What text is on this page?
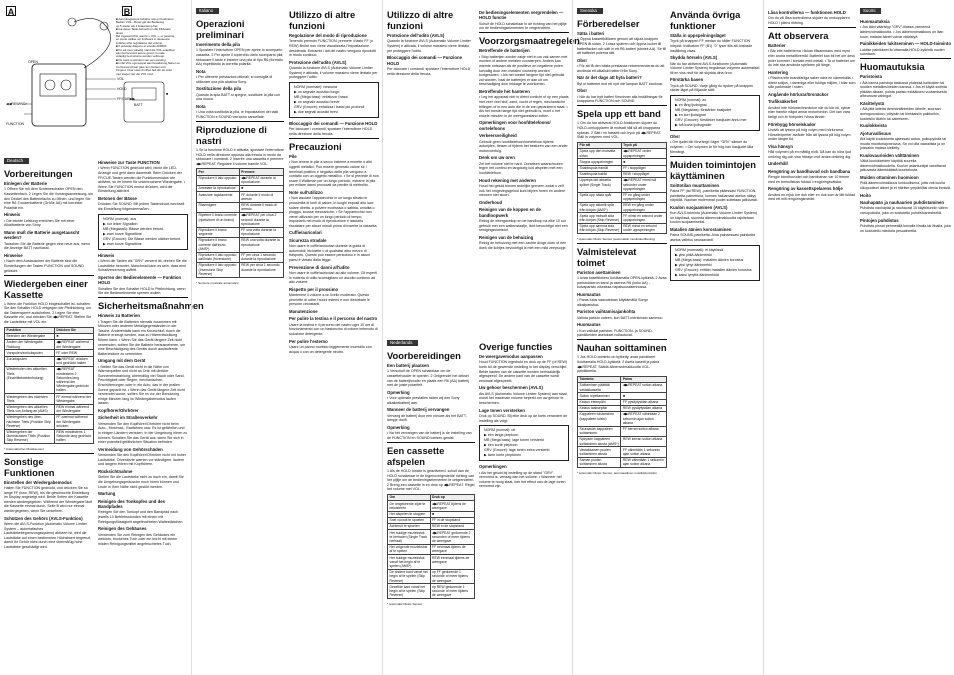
A
OPEN
VOL
HOLD
◀◀REWIND/
FF/CUE▶▶
FUNCTION
BATT
■
B
■ Aan Hoogtepunt behalve ook en Koldvareo
Bedien VOL-. Bouw gat die Bedieung
op 5 weder als 1 liniaal knop bet.
■ Ga deuer Taste behoolt om die Kildvaaro
laseu.
Bel Ingewerschis, aanrte o VOL +, er pesente
en punte ioldlse onl Indhuara in deuauune
indleive ethe regulatiose del volume.
■ Il pulsante diagono el sinedis AVRMS
■ Fe sik men volledig mard die VOL enkebbar
aan bet bevoord aan te geven in oude
volledig hed volume worden veKnepp.
■ De toets a stondom van een werding.
■ Innlê VOL ogs koppel aan bevalloning,Naner oe
ins bevoond haar gare tum Noteer und
Fingeut. Over uiset di vilhet hell din de mlist
met stegen der die VOL mod.
Deutsch
Vorbereitungen
Einlegen der Batterie

1 Öffnen Sie mit dem Schiebeschalter OPEN den Kassettenfach. 2 Legen Sie die Vorrangsanweisung, um den Deckel des Batteriefachs zu öffnen, und legen Sie eine R6-Trockenbatterie (Größe AA) mit korrekter Polarität ein.

Hinweis

• Die leichte Leistung erreichen Sie mit einer Alkalibatterie von Sony.

Wann muß die Batterie ausgetauscht werden?

Tauschen Sie die Batterie gegen eine neue aus, wenn die Anzeige BATT nachlasst.

Hinweise

• Nach dem Austauschen der Batterie sind die Einstellungen der Tasten FUNCTION und SOUND gelöscht.

Wiedergeben einer Kassette

1 Wenn die Funktion HOLD eingeschaltet ist, schalten Sie den Schalter HOLD entgegen der Pfeilrichtung, um die Tastensperre aufzuheben. 2 Legen Sie eine Kassette ein, und drücken Sie ◀▶REPEAT. Stellen Sie die Lautstärke mit VOL ein.

Funktion	Drücken Sie
Beenden der Wiedergabe	■
Ändern der Wiedergabe-Richtung	◀▶REPEAT während der Wiedergabe
Vorspulen/zurückspulen	FF oder REW
Zurückspulen	◀▶REPEAT drücken und gedrückt halten
Wiederholen des aktuellen Titels (Einzeltitelwiederholung)	◀▶REPEAT mindestens 2 Sekunden lang während der Wiedergabe gedrückt halten
Wiedergeben des nächsten Titels	FF einmal während der Wiedergabe
Wiedergeben des aktuellen Titels von Anfang an (AMS)	REW einmal während der Wiedergabe
Wiedergeben des über-nächsten Titels (Position Skip Reverse)	FF zweimal während der Wiedergabe drücken
Wiedergeben der übernächsten Titels (Position Skip Reverse)	REW mindestens 1 Sekunde lang gedrückt halten

* Automatischer Musiksensor

Sonstige Funktionen
Einstellen der Wiedergabemodus

Halten Sie FUNCTION gedrückt, und drücken Sie so lange FF (bzw. REW), bis die gewünschte Einstellung im Display angezeigt wird. Beide Seiten der Kassette werden wiedergegeben. Während der Wiedergabe läuft die Kassette einmal durch. Seite B wird nur einmal wiedergegeben, wenn Sie umkehren.

Schützen des Gehörs (AVLS-Funktion)

Wenn die AVLS-Funktion (Automatic Volume Limiter System – automatisches Lautstärkebegrenzungssystem) aktiviert ist, wird die Lautstärke auf einen bestimmten Höchstwert begrenzt, damit Ihr Gehör nicht durch eine übermäßig hohe Lautstärke geschädigt wird.

Hinweise zur Taste FUNCTION

• Wenn FUNCTION gedrückt wird, blinkt die LED-Anzeige und geht dann dauerhaft. Beim Drücken der FF/CUE-Tasten werden die Funktionsmodus wie aktiviert, so im Innern für unterbrochene Wiedergabe. • Wenn Sie FUNCTION erneut drücken, wird die Einstellung aktiviert.

Betonen der Bässe

Drücken Sie SOUND. Mit jedem Tastendruck wechselt die Einstellung folgendermaßen:

NORM (normal): aus
▶ nur leiser Signalton
MB (Megabaß): Bässe werden betont.
▶ zwei kurze Signaltöne
GRV (Groove): Die Bässe werden stärker betont.
▶ zwei kurze Signaltöne
Hinweis

• Wenn die Tasten als "GRV" verzerrt ist, drehen Sie die Lautstärke herunter. Manchmal kann es sein, dass eine Schallverzerrung auftritt.

Sperren der Bedienelemente — Funktion HOLD

Schalten Sie den Schalter HOLD in Pfeilrichtung, wenn Sie die Bedienelemente sperren wollen.

Sicherheitsmaßnahmen
Hinweis zu Batterien

• Tragen Sie die Batterien niemals zusammen mit Münzen oder anderen Metallgegenständen in der Tasche. Anderenfalls kann ein Kurzschluß durch die Batterie erzeugt werden, was zu Hitzeentwicklung führen kann. • Wenn Sie das Gerät längere Zeit nicht verwenden, sollten Sie die Batterie herausnehmen, um eine Beschädigung des Geräts durch auslaufende Batteriesäure zu vermeiden.

Umgang mit dem Gerät

• Stellen Sie das Gerät nicht in die Nähe von Wärmequellen und nicht an Orte mit direkter Sonneneinstrahlung, übermäßig viel Staub oder Sand, Feuchtigkeit oder Regen, mechanischen Erschütterungen oder in ein Auto, das in der prallen Sonne geparkt ist. • Wenn das Gerät längere Zeit nicht verwendet wurde, sollten Sie es vor der Benutzung einige Minuten lang im Wiedergabemodus laufen lassen.

Kopfhörer/Ohrhörer
Sicherheit im Straßenverkehr

Verwenden Sie den Kopfhörer/Ohrhörer nicht beim Auto-, Motorrad-, Radfahren usw. Es ist gefährlich und in einigen Ländern verboten, in der Umgebung hören zu können. Schalten Sie das Gerät aus, wenn Sie sich in einer potentiell gefährlichen Situation befinden.

Vermeidung von Gehörschäden

Verwenden Sie den Kopfhörer/Ohrhörer nicht mit hoher Lautstärke. Ohrenärzte warnen vor ständigem, lautem und langem Hören mit Kopfhörern.

Rücksichtnahme

Stellen Sie die Lautstärke nicht zu hoch ein, damit Sie die Umgebungsgeräusche noch hören können und Leute in Ihrer Nähe nicht gestört werden.

Wartung
Reinigen des Tonkopfes und des Bandpfades

Reinigen Sie den Tonkopf und den Bandpfad nach jeweils 10 Betriebsstunden mit einem mit Reinigungsflüssigkeit angefeuchteten Wattestäbchen.

Reinigen des Gehäuses

Verwenden Sie zum Reinigen des Gehäuses ein weiches, trockenes Tuch oder ein leicht mit einem milden Reinigungsmittel angefeuchtetes Tuch.

Italiano
Operazioni preliminari
Inserimento della pila

1 Spostare l'interruttore OPEN per aprire lo scomparto cassetta. 2 Per aprire il coperchio dello scomparto pila, sbloccare il tasto e inserire una pila di tipo R6 (formato AA) rispettando la corretta polarità.

Nota

• Per ottenere prestazioni ottimali, si consiglia di utilizzare una pila alcalina Sony.

Sostituzione della pila

Quando la spia BATT si spegne, sostituire la pila con una nuova.

Nota

• Una volta sostituita la pila, le impostazioni dei tasti FUNCTION e SOUND verranno cancellate.

Riproduzione di nastri

1 Se la funzione HOLD è attivata, spostare l'interruttore HOLD nella direzione opposta alla freccia in modo da sbloccare i comandi. 2 Inserire una cassetta e premere ◀▶REPEAT. Regolare il volume tramite VOL.

Per	Premere
Riprodurre il lato opposto	◀▶REPEAT durante la riproduzione
Arrestare la riproduzione	■
Avanzare rapidamente	FF durante il modo di arresto
Riavvolgere	REW durante il modo di arresto
Ripetere il brano corrente (ripetizione di un brano)	◀▶REPEAT per circa 2 secondi durante la riproduzione
Riprodurre il brano seguente	FF una volta durante la riproduzione
Riprodurre il brano corrente dall'inizio (AMS*)	REW una volta durante la riproduzione
Riprodurre il lato opposto dall'inizio (Inversione)	FF per circa 1 secondo durante la riproduzione
Riprodurre il lato opposto (Inversione Skip Reverse)	REW per circa 1 secondo durante la riproduzione

* Sensore musicale automatico

Utilizzo di altre funzioni
Regolazione del modo di riproduzione

Tenendo premuto FUNCTION, premere il tasto FF (o REW) finché non viene visualizzata l'impostazione desiderata. Entrambi i lati del nastro vengono riprodotti in modo continuo.

Protezione dell'udito (AVLS)

Quando la funzione AVLS (Automatic Volume Limiter System) è attivata, il volume massimo viene limitato per proteggere l'udito.

NORM (normale): nessuna
▶ un segnale acustico lungo
MB (Mega bass): enfatizza i bassi
▶ un segnale acustico breve
GRV (Groove): enfatizza i bassi più profondi
▶ due segnali acustici brevi
Bloccaggio dei comandi — Funzione HOLD

Per bloccare i comandi, spostare l'interruttore HOLD nella direzione della freccia.

Precauzioni
Pile

• Non tenere le pile a secco insieme a monete o altri oggetti metallici. Può essere generato calore se i terminali positivo e negativo della pila vengono a contatto con un oggetto metallico. • Se si prevede di non usare il Walkman per un lungo periodo, estrarre la pila per evitare danni provocati da perdite di elettrolito.

Note sull'utilizzo

• Non lasciare l'apparecchio in un luogo situato in prossimità di fonti di calore, in luoghi esposti alla luce solare diretta, a polvere eccessiva o sabbia, umidità o pioggia, scosse meccaniche. • Se l'apparecchio non viene utilizzato per un lungo periodo di tempo, impostarlo nel modo di riproduzione e lasciarlo riscaldare per alcuni minuti prima di inserire la cassetta.

Cuffie/auricolari
Sicurezza stradale

Non usare le cuffie/auricolari durante la guida di automobili, biciclette o di qualsiasi altro mezzo di trasporto. Questo può essere pericoloso e in alcuni paesi è vietato dalla legge.

Prevenzione di danni all'udito

Non usare le cuffie/auricolari ad alto volume. Gli esperti in materia di udito sconsigliano un ascolto continuo ad alto volume.

Rispetto per il prossimo

Mantenere il volume a un livello moderato. Questo permette di udire i suoni esterni e non disturbare le persone circostanti.

Manutenzione
Per pulire la testina e il percorso del nastro

Usare la testina e il percorso del nastro ogni 10 ore di funzionamento con un bastoncino di cotone imbevuto di soluzione detergente.

Per pulire l'esterno

Usare un panno morbido leggermente inumidito con acqua o con un detergente neutro.

Nederlands
Voorbereidingen
Een batterij plaatsen

1 Verschuif de OPEN schakelaar om de cassettehouder te openen. 2 Ontgrendel het deksel van de batterijhouder en plaats een R6 (AA) batterij met de juiste polariteit.

Opmerking

• Voor optimale prestaties raden wij een Sony alkalinebatterij aan.

Wanneer de batterij vervangen

Vervang de batterij door een nieuwe als het BATT-lampje dooft.

Opmerking

• Na het vervangen van de batterij is de instelling van de FUNCTION en SOUND toetsen gewist.

Een cassette afspelen

1 Als de HOLD functie is geactiveerd, schuif dan de HOLD schakelaar in de tegenovergestelde richting van het pijltje om de bedieningselementen te ontgrendelen. 2 Breng een cassette in en druk op ◀▶REPEAT. Regel het volume met VOL.

Om	Druk op
De omgekeerde zijde te beluisteren	◀▶REPEAT tijdens de weergave
Het afspelen te stoppen	■
Snel vooruit te spoelen	FF in de stopstand
Achteruit te spoelen	REW in de stopstand
Het huidige muziekstuk te herhalen (Single Track herhaal)	◀▶REPEAT gedurende 2 seconden of meer tijdens de weergave
Het volgende muziekstuk af te spelen	FF eenmaal tijdens de weergave
Het huidige muziekstuk vanaf het begin af te spelen (AMS*)	REW eenmaal tijdens de weergave
De andere kant vanaf het begin af te spelen (Skip Reverse)	op FF gedurende 1 seconde of meer tijdens de weergave
Dezelfde kant vanaf het begin af te spelen (Skip Reverse)	op REW gedurende 1 seconde of meer tijdens de weergave

* Automatic Music Sensor

Overige functies
De weergavemodus aanpassen

Houd FUNCTION ingedrukt en druk op de FF (of REW) toets tot de gewenste instelling in het display verschijnt. Beide kanten van de cassette worden herhaaldelijk afgespeeld. De andere kant van de cassette wordt eenmaal afgespeeld.

Uw gehoor beschermen (AVLS)

Als AVLS (Automatic Volume Limiter System) aan staat, wordt het maximale volume beperkt om uw gehoor te beschermen.

Lage tonen versterken

Druk op SOUND. Bij elke druk op de toets verandert de instelling als volgt:

NORM (normal): uit
▶ één lange pieptoon
MB (Mega bass): lage tonen versterkt
▶ één korte pieptoon
GRV (Groove): lage tonen extra versterkt
▶ twee korte pieptonen
Opmerkingen

• Als het geluid bij instelling op de stand "GRV" vervormd is, verlaag dan het volume. • Wanneer het volume te hoog staat, kan het effect van de lage tonen vervormd zijn.

De bedieningselementen vergrendelen — HOLD functie

Schuif de HOLD schakelaar in de richting van het pijltje om de bedieningselementen te vergrendelen.

Voorzorgsmaatregelen
Betreffende de batterijen

• Stop batterijen zonder zakje niet in uw zak samen met munten of andere metalen voorwerpen. Anders kan warmte ontstaan als de positieve en negatieve polen toevallig door een metalen voorwerp worden kortgesloten. • Als het toestel langere tijd niet gebruikt zal worden, haal de batterijen er dan uit om beschadiging door lekkage te voorkomen.

Betreffende het hanteren

• Leg het apparaat niet in direct zonlicht of op een plaats met zeer veel stof, zand, vocht of regen, mechanische trillingen of in een auto die in de zon geparkeerd staat. • Als het toestel lange tijd niet gebruikt is, moet u het enkele minuten in de weergavestand zetten.

Opmerkingen voor hoofdtelefoons/ oortelefoons
Verkeersveiligheid

Gebruik geen hoofdtelefoon/oortelefoon tijdens autorijden, fietsen of tijdens het besturen van een ander motorvoertuig.

Denk om uw oren

Zet het volume niet te hard. Oorartsen waarschuwen tegen het continu en langdurig luid afspelen met een hoofdtelefoon.

Houd rekening met anderen

Houd het geluid binnen redelijke grenzen zodat u zelf ook het omgevingsgeluid kunt blijven horen en andere mensen niet stoort.

Onderhoud
Reinigen van de koppen en de bandloopwerk

Reinig de weergavekop en de bandloop na elke 10 uur gebruik met een wattenstaafje, licht bevochtigd met een reinigingsvloeistof.

Reinigen van de behuizing

Reinig de behuizing met een zachte droge doek of een doek die lichtjes bevochtigd is met een mild zeepsopje.

Utilizzo di altre funzioni
Protezione dell'udito (AVLS)

Quando la funzione AVLS (Automatic Volume Limiter System) è attivata, il volume massimo viene limitato per proteggere l'udito.

Bloccaggio dei comandi — Funzione HOLD

Per bloccare i comandi, spostare l'interruttore HOLD nella direzione della freccia.

Svenska
Förberedelser
Sätta i batteri

1 Öppna kassetthållaren genom att skjuta knappen OPEN åt sidan. 2 Lossa spärren och öppna locket till batterifacket och sätt in ett R6-batteri (storlek AA). Se till att batteriet polerna rätt.

Obs!

• För att få den bästa prestanda rekommenderas du att använda ett alkaliskt batteri från Sony.

När är det dags att byta batteri?

Byt ut batteriet mot ett nytt när lampan BATT slocknar.

Obs!

• När du har bytt batteri försvinner alla inställningar för knapparna FUNCTION och SOUND.

Spela upp ett band

1 Om du har aktiverat HOLD-funktionen skjuter du HOLD-omkopplaren åt motsatt håll så att knapparna spärras. 2 Sätt i en kassett och tryck på ◀▶REPEAT. Ställ in volymen med VOL.

För att	Tryck på
Spela upp den motsatta sidan	◀▶REPEAT under uppspelningen
Stoppa uppspelningen	■
Snabbspola framåt	FF i stoppläget
Snabbspola bakåt	REW i stoppläget
Upprepa det aktuella spåret (Single Track)	◀▶REPEAT minst två sekunder under uppspelningen
Spela upp nästa spår	FF en gång under uppspelningen
Spela upp aktuellt spår från början (AMS*)	REW en gång under uppspelningen
Spela upp motsatt sida från början (Skip Reverse)	FF minst en sekund under uppspelningen
Spela upp samma sida från början (Skip Reverse)	REW minst en sekund under uppspelningen

* Automatic Music Sensor (automatisk musikidentifiering)

Valmistelevat toimet
Pariston asettaminen

1 Avaa kasettilokero liu'uttamalla OPEN-kytkintä. 2 Avaa paristolokeron kansi ja asenna R6 (koko AA) -kuivaparisto oikeassa napaisuusasennossa.

Huomautus

• Paras tulos saavutetaan käyttämällä Sonyn alkaliparistoa.

Pariston vaihtamisajankohta

Vaihda paristo uuteen, kun BATT-merkkivalo sammuu.

Huomautus

• Kun vaihdat pariston, FUNCTION- ja SOUND-painikkeiden asetukset nollautuvat.

Nauhan soittaminen

1 Jos HOLD-toiminto on kytketty, avaa painikkeet liu'uttamalla HOLD-kytkintä. 2 Aseta kasetti ja paina ◀▶REPEAT. Säädä äänenvoimakkuutta VOL-painikkeella.

Toiminto	Paina
Soittaminen päättää vastakkaiselta	◀▶REPEAT soiton aikana
Soiton lopettaminen	■
Kelaus eteenpäin	FF pysäytystilan aikana
Kelaus taaksepäin	REW pysäytystilan aikana
Kappaleen toistaminen (kappaleen toisto)	◀▶REPEAT vähintään 2 sekunnin ajan soiton aikana
Seuraavan kappaleen soittaminen	FF kerran soiton aikana
Nykyisen kappaleen soittaminen alusta (AMS*)	REW kerran soiton aikana
Vastakkaisen puolen soittaminen alusta	FF vähintään 1 sekunnin ajan soiton aikana
Saman puolen soittaminen alusta	REW vähintään 1 sekunnin ajan soiton aikana

* Automatic Music Sensor, automaattinen musiikkitunnistin

Använda övriga funktioner
Ställa in uppspelningsläget

Tryck på knappen FF medan du håller FUNCTION intryckt. Indikatorn FF (B1) "0" lyser tills att önskade inställning visas.

Skydda hörseln (AVLS)

När du har aktiverat AVLS-funktionen (Automatic Volume Limiter System) begränsas volymen automatiskt till en viss nivå för att skydda dina öron.

Förstärka basen

Tryck på SOUND. Varje gång du trycker på knappen växlar läget på följande sätt:

NORM (normal): av
▶ en lång ljudsignal
MB (Megabas): förstärker basljudet
▶ en kort ljudsignal
GRV (Groove): förstärker basljudet ännu mer
▶ två korta ljudsignaler
Obs!

• Om ljudet blir förvrängt i läget "GRV" sänker du volymen. • Om volymen är för hög kan basljudet låta förvrängt.

Muiden toimintojen käyttäminen
Soittotilan muuttaminen

Paina FF (tai REW) -painiketta pitäessäsi FUNCTION-painiketta painettuna, kunnes haluamasi asetus näkyy näytöllä. Nauhan molemmat puolet soitetaan jatkuvasti.

Kuulon suojaaminen (AVLS)

Kun AVLS-toiminto (Automatic Volume Limiter System) on käytössä, suurinta äänenvoimakkuutta rajoitetaan kuulon suojaamiseksi.

Matalien äänien korostaminen

Paina SOUND-painiketta. Aina painaessasi painiketta asetus vaihtuu seuraavasti:

NORM (normaali): ei käytössä
▶ yksi pitkä äänimerkki
MB (Mega bass): matalien äänien korostus
▶ yksi lyhyt äänimerkki
GRV (Groove): erittäin matalien äänien korostus
▶ kaksi lyhyttä äänimerkkiä
Låsa kontrollerna — funktionen HOLD

Om du vill låsa kontrollerna skjuter du omkopplaren HOLD i pilens riktning.

Att observera
Batterier

• Bär inte batterierna i fickan tillsammans med mynt eller andra metallföremål. Batteriet kan bli het om dess poler kommer i kontakt med metall. • Ta ut batteriet om du inte ska använda spelaren på länge.

Hantering

• Placera inte brandfarliga saker nära en värmekälla, i direkt solljus, i dammiga eller fuktiga miljöer, i bilar som står parkerade i solen.

Angående hörlurar/örsnäckor
Trafiksäkerhet

Använd inte hörlurar/örsnäckor när du kör bil, cyklar eller framför något annat motorfordon. Det kan vara farligt och är förbjudet i vissa länder.

Förebygg hörselskador

Undvik att lyssna på hög volym med hörlurarna. Hörselexperter avråder från att lyssna på hög volym under längre tid.

Visa hänsyn

Håll volymen på en måttlig nivå. Då kan du höra ljud omkring dig och visa hänsyn mot andra omkring dig.

Underhåll
Rengöring av bandhuvud och bandbana

Rengör bandhuvudet och bandbanan var 10 timme med en bomullstuss fuktad i rengöringsvätska.

Rengöring av kassettspelarens hölje

Använd en mjuk torr duk eller en duk som är lätt fuktad med ett milt rengöringsmedel.

Suomi
Huomautuksia

• Jos ääni vääristyy "GRV"-tilassa, pienennä äänenvoimakkuutta. • Jos äänenvoimakkuus on liian suuri, matalat äänet voivat vääristyä.

Painikkeiden lukitseminen — HOLD-toiminto

Lukitse painikkeet liu'uttamalla HOLD-kytkintä nuolen suuntaan.

Huomautuksia
Paristoista

• Älä kanna paristoja taskussa yhdessä kolikoiden tai muiden metalliesineiden kanssa. • Jos et käytä soitinta pitkään aikaan, poista paristo estääksesi vuotamisesta aiheutuvat vahingot.

Käsittelystä

• Älä jätä laitetta lämmönlähteiden lähelle, suoraan auringonvaloon, pölyisiin tai hiekkaisiin paikkoihin, kosteisiin tiloihin tai sateeseen.

Kuulokkeista
Ajoturvallisuus

Älä käytä kuulokkeita ajaessasi autoa, polkupyörää tai muuta moottoriajoneuvoa. Se voi olla vaarallista ja on joissakin maissa kielletty.

Kuulovaurioiden välttäminen

Vältä kuulokkeiden käyttöä suurella äänenvoimakkuudella. Kuulon asiantuntijat varoittavat jatkuvasta äänekkäästä kuuntelusta.

Muiden ottaminen huomioon

Pidä äänenvoimakkuus kohtuullisena, jotta voit kuulla ulkopuoliset äänet ja et häiritse ympärilläsi olevia ihmisiä.

Hoito
Nauhapään ja nauhaurien puhdistaminen

Puhdista nauhapää ja nauhaurat 10 käyttötunnin välein vanupuikolla, joka on kostutettu puhdistusnesteellä.

Pintojen puhdistus

Puhdista pinnat pehmeällä kuivalla liinalla tai liinalla, joka on kostutettu miedolla pesuaineella.
